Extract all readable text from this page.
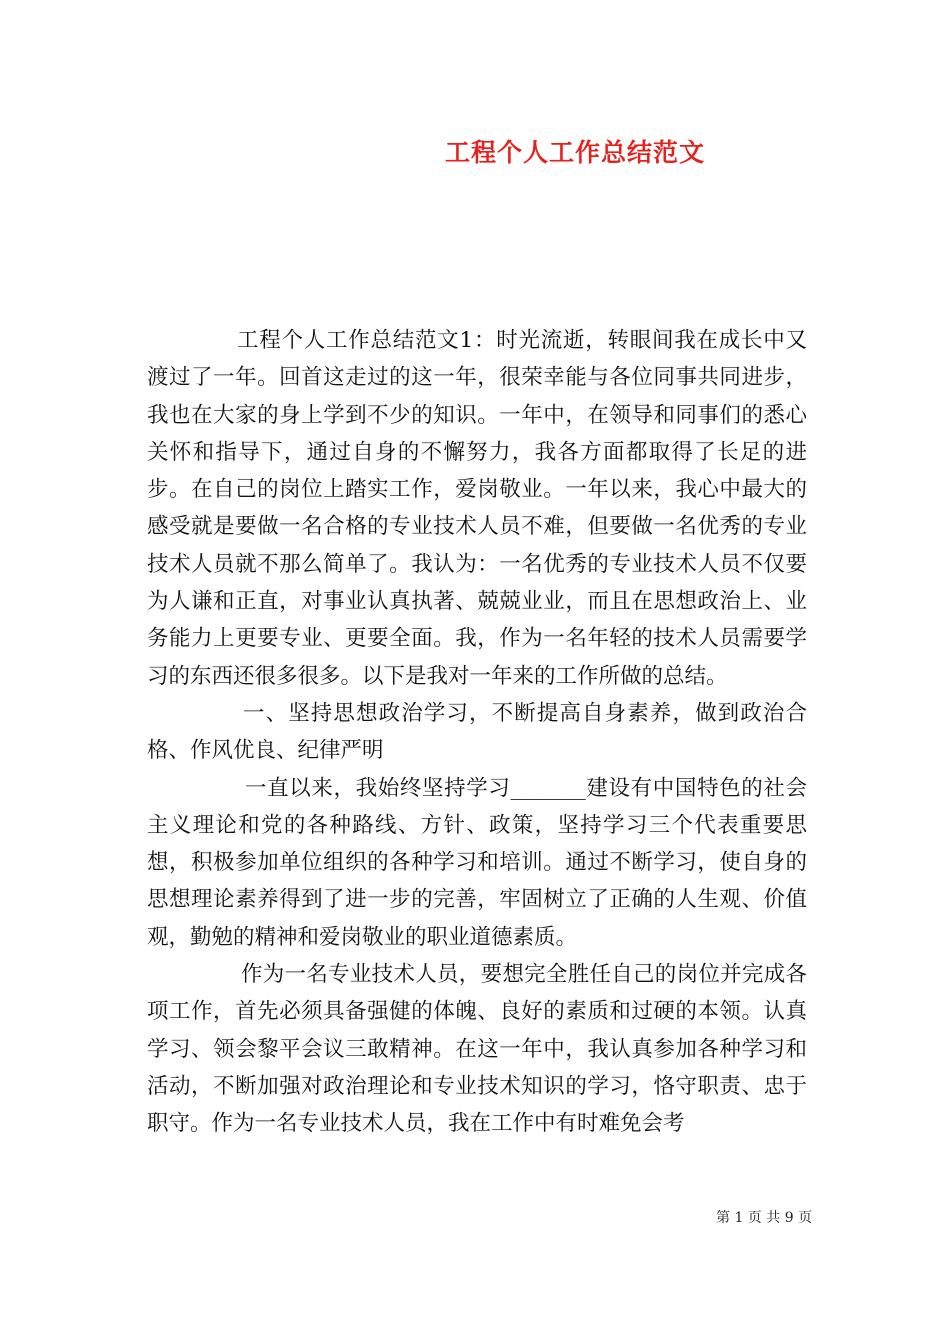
工程个人工作总结范文

工程个人工作总结范文1：时光流逝，转眼间我在成长中又渡过了一年。回首这走过的这一年，很荣幸能与各位同事共同进步，我也在大家的身上学到不少的知识。一年中，在领导和同事们的悉心关怀和指导下，通过自身的不懈努力，我各方面都取得了长足的进步。在自己的岗位上踏实工作，爱岗敬业。一年以来，我心中最大的感受就是要做一名合格的专业技术人员不难，但要做一名优秀的专业技术人员就不那么简单了。我认为：一名优秀的专业技术人员不仅要为人谦和正直，对事业认真执著、兢兢业业，而且在思想政治上、业务能力上更要专业、更要全面。我，作为一名年轻的技术人员需要学习的东西还很多很多。以下是我对一年来的工作所做的总结。

一、坚持思想政治学习，不断提高自身素养，做到政治合格、作风优良、纪律严明

一直以来，我始终坚持学习_______建设有中国特色的社会主义理论和党的各种路线、方针、政策，坚持学习三个代表重要思想，积极参加单位组织的各种学习和培训。通过不断学习，使自身的思想理论素养得到了进一步的完善，牢固树立了正确的人生观、价值观，勤勉的精神和爱岗敬业的职业道德素质。

作为一名专业技术人员，要想完全胜任自己的岗位并完成各项工作，首先必须具备强健的体魄、良好的素质和过硬的本领。认真学习、领会黎平会议三敢精神。在这一年中，我认真参加各种学习和活动，不断加强对政治理论和专业技术知识的学习，恪守职责、忠于职守。作为一名专业技术人员，我在工作中有时难免会考

第 1 页 共 9 页
